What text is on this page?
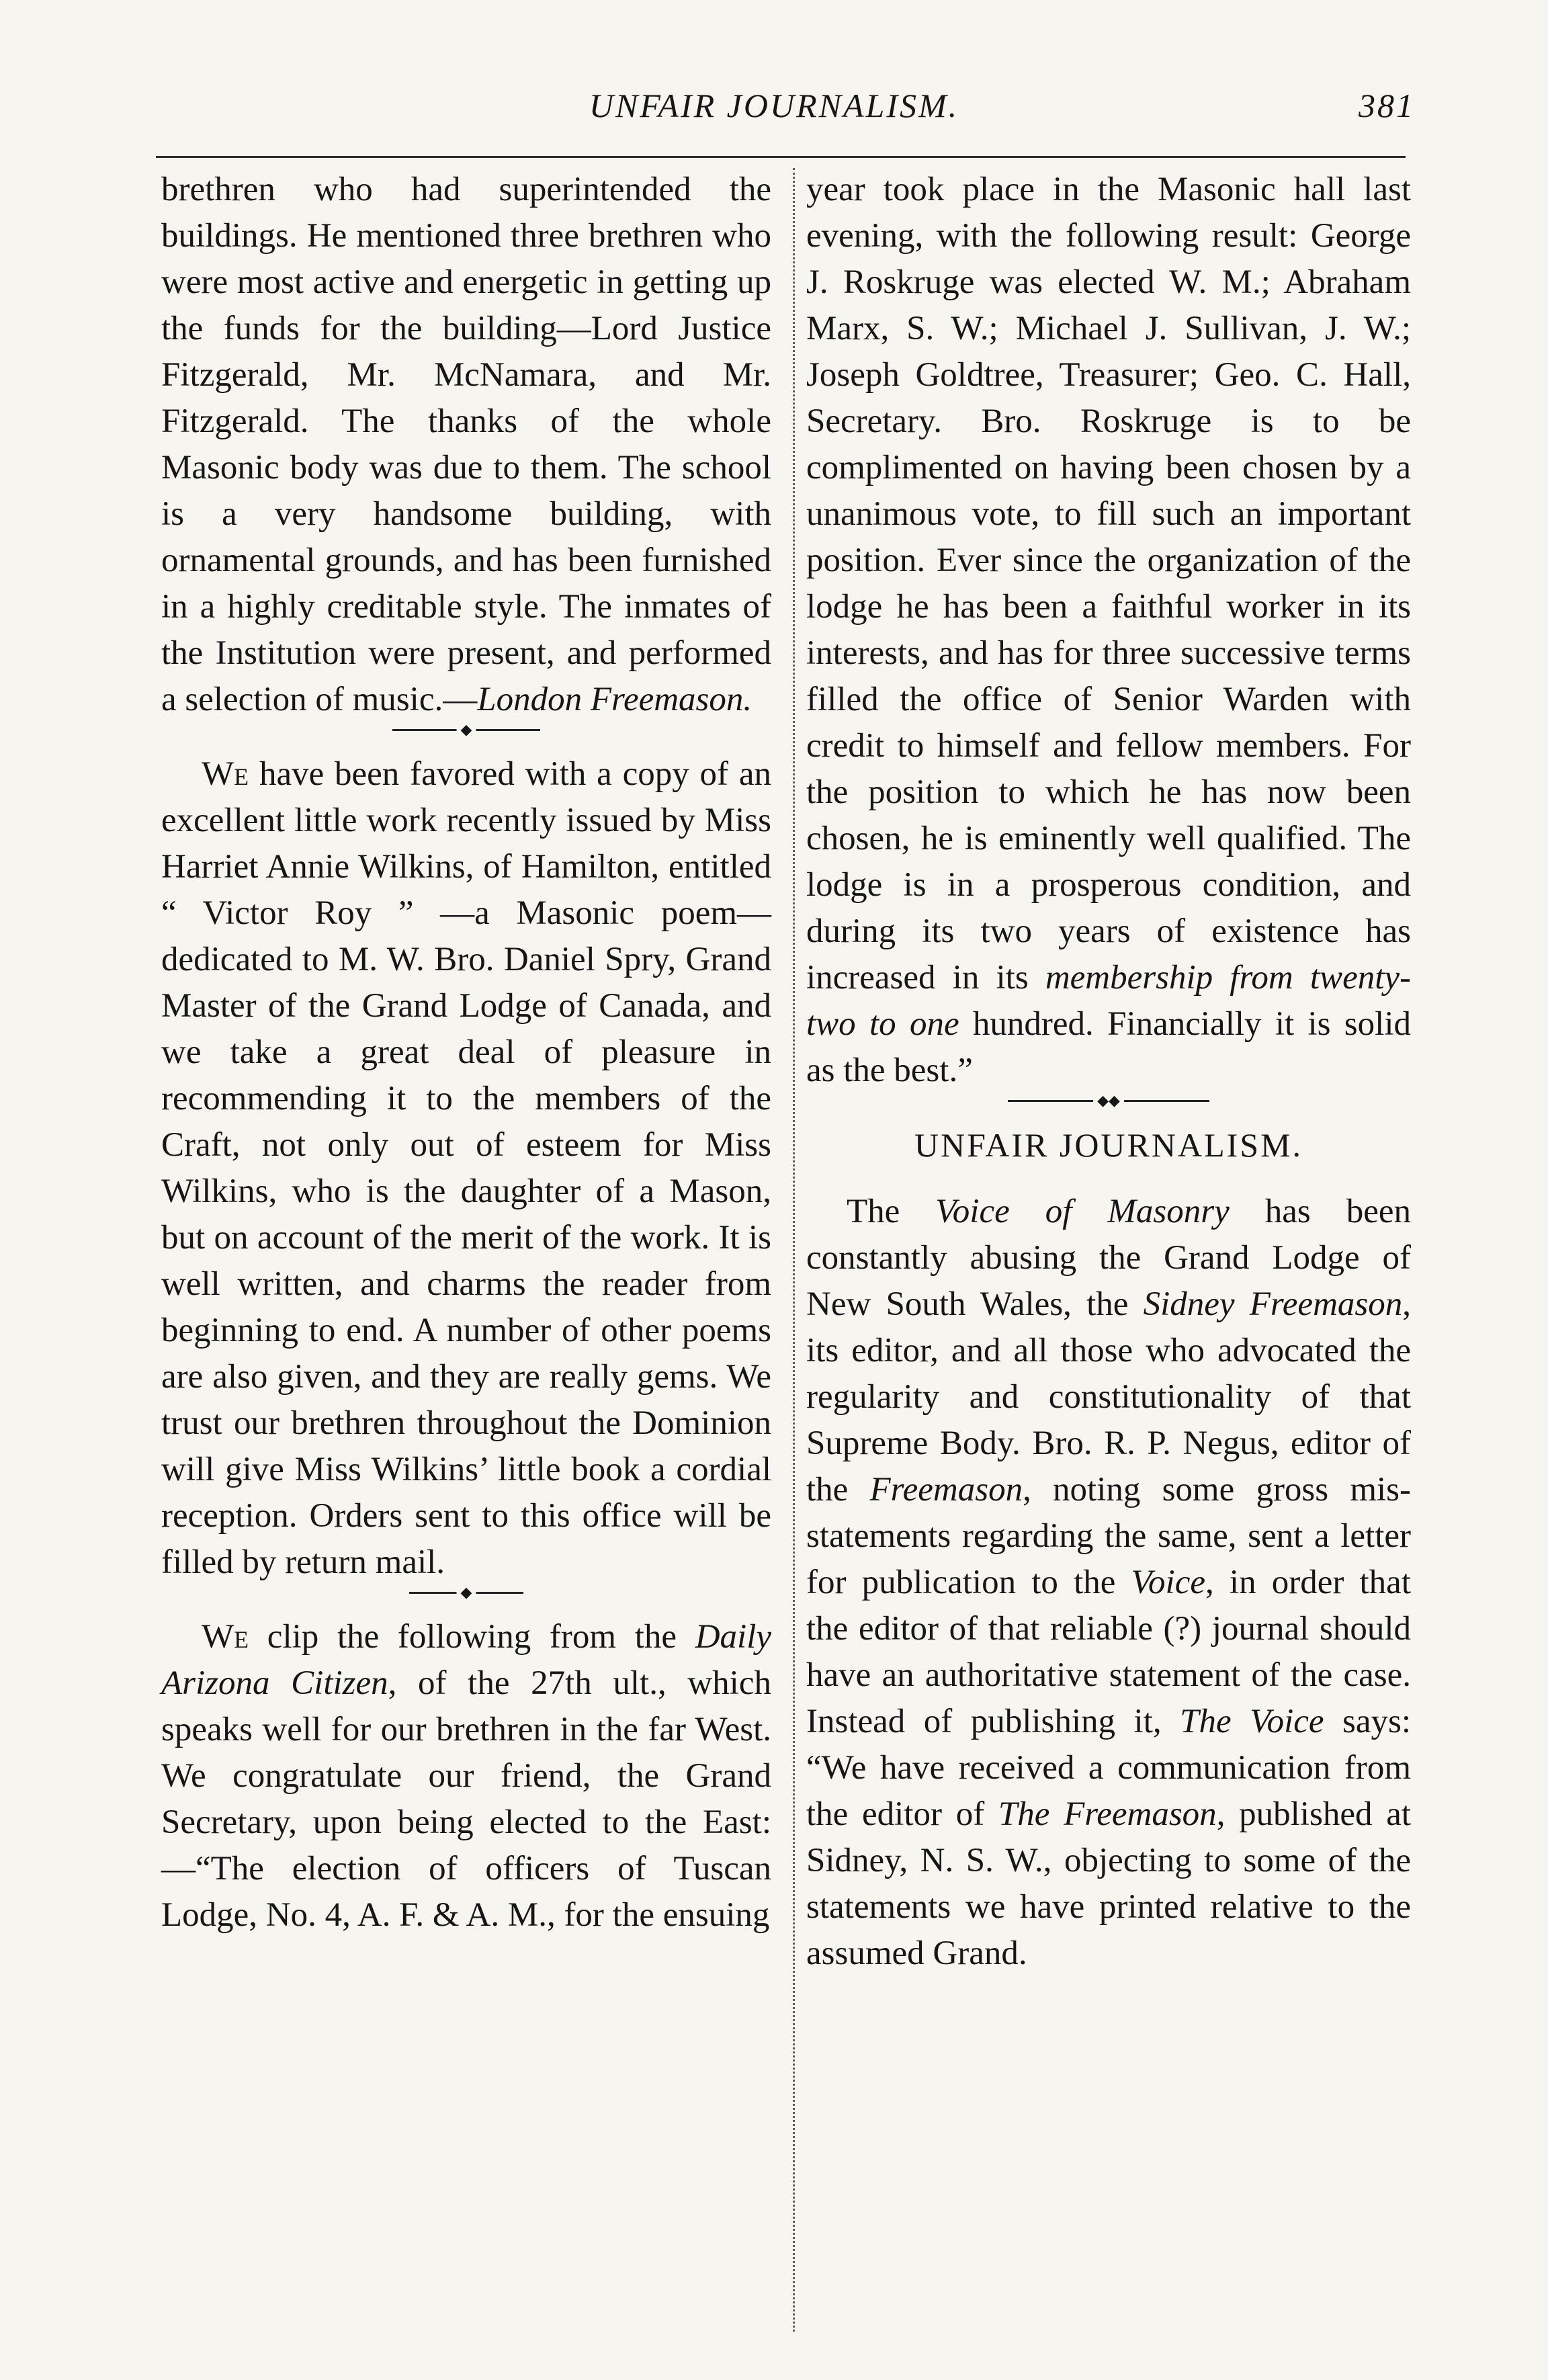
UNFAIR JOURNALISM.	381

brethren who had superintended the buildings. He mentioned three brethren who were most active and energetic in getting up the funds for the building—Lord Justice Fitzgerald, Mr. McNamara, and Mr. Fitzgerald. The thanks of the whole Masonic body was due to them. The school is a very handsome building, with ornamental grounds, and has been furnished in a highly creditable style. The inmates of the Institution were present, and performed a selection of music.—London Freemason.

◆

We have been favored with a copy of an excellent little work recently issued by Miss Harriet Annie Wilkins, of Hamilton, entitled “ Victor Roy ” —a Masonic poem—dedicated to M. W. Bro. Daniel Spry, Grand Master of the Grand Lodge of Canada, and we take a great deal of pleasure in recommending it to the members of the Craft, not only out of esteem for Miss Wilkins, who is the daughter of a Mason, but on account of the merit of the work. It is well written, and charms the reader from beginning to end. A number of other poems are also given, and they are really gems. We trust our brethren throughout the Dominion will give Miss Wilkins’ little book a cordial reception. Orders sent to this office will be filled by return mail.

◆

We clip the following from the Daily Arizona Citizen, of the 27th ult., which speaks well for our brethren in the far West. We congratulate our friend, the Grand Secretary, upon being elected to the East:—“The election of officers of Tuscan Lodge, No. 4, A. F. & A. M., for the ensuing

year took place in the Masonic hall last evening, with the following result: George J. Roskruge was elected W. M.; Abraham Marx, S. W.; Michael J. Sullivan, J. W.; Joseph Goldtree, Treasurer; Geo. C. Hall, Secretary. Bro. Roskruge is to be complimented on having been chosen by a unanimous vote, to fill such an important position. Ever since the organization of the lodge he has been a faithful worker in its interests, and has for three successive terms filled the office of Senior Warden with credit to himself and fellow members. For the position to which he has now been chosen, he is eminently well qualified. The lodge is in a prosperous condition, and during its two years of existence has increased in its membership from twenty-two to one hundred. Financially it is solid as the best.”

◆◆
UNFAIR JOURNALISM.

The Voice of Masonry has been constantly abusing the Grand Lodge of New South Wales, the Sidney Freemason, its editor, and all those who advocated the regularity and constitutionality of that Supreme Body. Bro. R. P. Negus, editor of the Freemason, noting some gross mis-statements regarding the same, sent a letter for publication to the Voice, in order that the editor of that reliable (?) journal should have an authoritative statement of the case. Instead of publishing it, The Voice says: “We have received a communication from the editor of The Freemason, published at Sidney, N. S. W., objecting to some of the statements we have printed relative to the assumed Grand.
